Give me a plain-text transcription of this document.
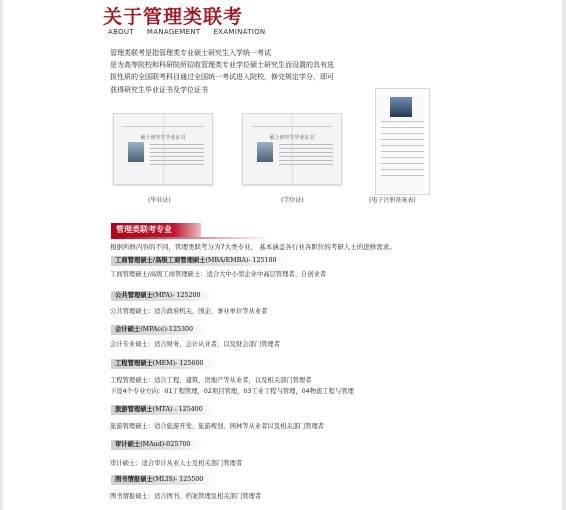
关于管理类联考
ABOUT MANAGEMENT EXAMINATION

管理类联考是指管理类专业硕士研究生入学统一考试

是为高等院校和科研院所招收管理类专业学位硕士研究生而设置的具有选

拔性质的全国联考科目通过全国统一考试进入院校，修完规定学分，即可

获得研究生毕业证书及学位证书

硕士研究生毕业证书	硕士研究生毕业证书
(毕业证)	(学位证)	(电子注册备案表)
管理类联考专业
根据所修内容的不同，管理类联考分为7大类专业， 基本涵盖各行业各职位的考研人士的进修需求。
工商管理硕士/高级工商管理硕士(MBA/EMBA)- 125100
工商管理硕士/高级工商管理硕士：适合大中小型企业中高层管理者、自创业者
公共管理硕士(MPA)- 125200
公共管理硕士：适合政府机关、国企、事业单位等从业者
会计硕士(MPAcc)-125300
会计专业硕士：适合财务、会计从业者，以及财会部门管理者
工程管理硕士(MEM)- 125600
工程管理硕士：适合工程、建筑、房地产等从业者，以及相关部门管理者
下设4个专业方向：01工程管理，02项目管理，03工业工程与管理，04物流工程与管理
旅游管理硕士(MTA) - 125400
旅游管理硕士：适合旅游开发、旅游规划、园林等从业者以及相关部门管理者
审计硕士(MAud)-025700
审计硕士：适合审计从业人士及相关部门管理者
图书情报硕士(MLIS)- 125500
图书情报硕士：适合图书、档案管理及相关部门管理者
